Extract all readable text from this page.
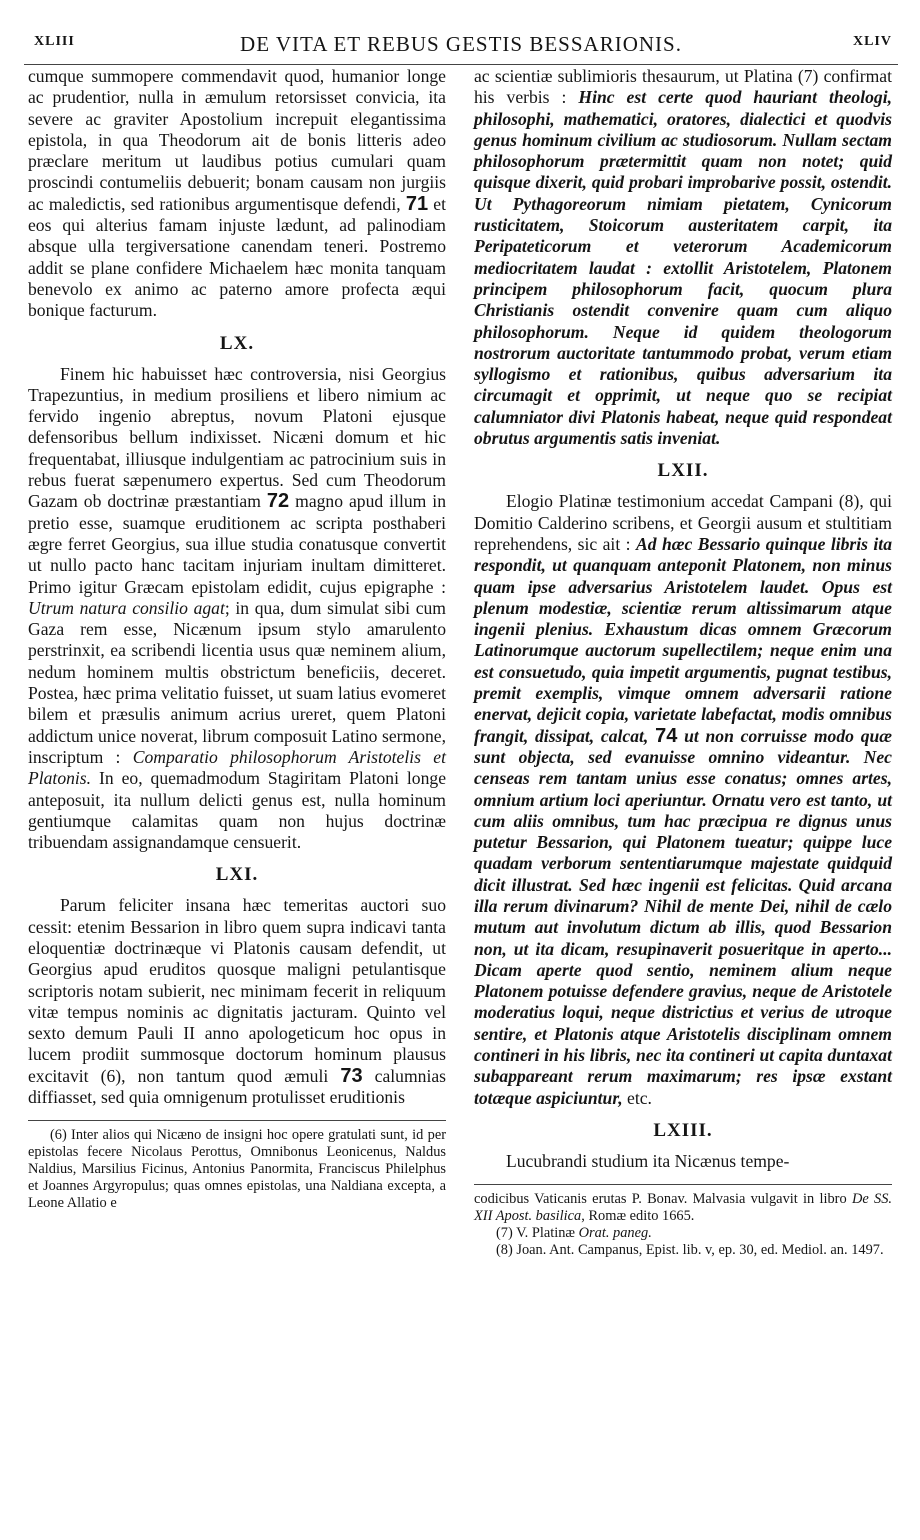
XLIII	DE VITA ET REBUS GESTIS BESSARIONIS.	XLIV

cumque summopere commendavit quod, humanior longe ac prudentior, nulla in æmulum retorsisset convicia, ita severe ac graviter Apostolium increpuit elegantissima epistola, in qua Theodorum ait de bonis litteris adeo præclare meritum ut laudibus potius cumulari quam proscindi contumeliis debuerit; bonam causam non jurgiis ac maledictis, sed rationibus argumentisque defendi, 71 et eos qui alterius famam injuste lædunt, ad palinodiam absque ulla tergiversatione canendam teneri. Postremo addit se plane confidere Michaelem hæc monita tanquam benevolo ex animo ac paterno amore profecta æqui bonique facturum.

LX.

Finem hic habuisset hæc controversia, nisi Georgius Trapezuntius, in medium prosiliens et libero nimium ac fervido ingenio abreptus, novum Platoni ejusque defensoribus bellum indixisset. Nicæni domum et hic frequentabat, illiusque indulgentiam ac patrocinium suis in rebus fuerat sæpenumero expertus. Sed cum Theodorum Gazam ob doctrinæ præstantiam 72 magno apud illum in pretio esse, suamque eruditionem ac scripta posthaberi ægre ferret Georgius, sua illue studia conatusque convertit ut nullo pacto hanc tacitam injuriam inultam dimitteret. Primo igitur Græcam epistolam edidit, cujus epigraphe : Utrum natura consilio agat; in qua, dum simulat sibi cum Gaza rem esse, Nicænum ipsum stylo amarulento perstrinxit, ea scribendi licentia usus quæ neminem alium, nedum hominem multis obstrictum beneficiis, deceret. Postea, hæc prima velitatio fuisset, ut suam latius evomeret bilem et præsulis animum acrius ureret, quem Platoni addictum unice noverat, librum composuit Latino sermone, inscriptum : Comparatio philosophorum Aristotelis et Platonis. In eo, quemadmodum Stagiritam Platoni longe anteposuit, ita nullum delicti genus est, nulla hominum gentiumque calamitas quam non hujus doctrinæ tribuendam assignandamque censuerit.

LXI.

Parum feliciter insana hæc temeritas auctori suo cessit: etenim Bessarion in libro quem supra indicavi tanta eloquentiæ doctrinæque vi Platonis causam defendit, ut Georgius apud eruditos quosque maligni petulantisque scriptoris notam subierit, nec minimam fecerit in reliquum vitæ tempus nominis ac dignitatis jacturam. Quinto vel sexto demum Pauli II anno apologeticum hoc opus in lucem prodiit summosque doctorum hominum plausus excitavit (6), non tantum quod æmuli 73 calumnias diffiasset, sed quia omnigenum protulisset eruditionis

(6) Inter alios qui Nicæno de insigni hoc opere gratulati sunt, id per epistolas fecere Nicolaus Perottus, Omnibonus Leonicenus, Naldus Naldius, Marsilius Ficinus, Antonius Panormita, Franciscus Philelphus et Joannes Argyropulus; quas omnes epistolas, una Naldiana excepta, a Leone Allatio e

ac scientiæ sublimioris thesaurum, ut Platina (7) confirmat his verbis : Hinc est certe quod hauriant theologi, philosophi, mathematici, oratores, dialectici et quodvis genus hominum civilium ac studiosorum. Nullam sectam philosophorum prætermittit quam non notet; quid quisque dixerit, quid probari improbarive possit, ostendit. Ut Pythagoreorum nimiam pietatem, Cynicorum rusticitatem, Stoicorum austeritatem carpit, ita Peripateticorum et veterorum Academicorum mediocritatem laudat : extollit Aristotelem, Platonem principem philosophorum facit, quocum plura Christianis ostendit convenire quam cum aliquo philosophorum. Neque id quidem theologorum nostrorum auctoritate tantummodo probat, verum etiam syllogismo et rationibus, quibus adversarium ita circumagit et opprimit, ut neque quo se recipiat calumniator divi Platonis habeat, neque quid respondeat obrutus argumentis satis inveniat.

LXII.

Elogio Platinæ testimonium accedat Campani (8), qui Domitio Calderino scribens, et Georgii ausum et stultitiam reprehendens, sic ait : Ad hæc Bessario quinque libris ita respondit, ut quanquam anteponit Platonem, non minus quam ipse adversarius Aristotelem laudet. Opus est plenum modestiæ, scientiæ rerum altissimarum atque ingenii plenius. Exhaustum dicas omnem Græcorum Latinorumque auctorum supellectilem; neque enim una est consuetudo, quia impetit argumentis, pugnat testibus, premit exemplis, vimque omnem adversarii ratione enervat, dejicit copia, varietate labefactat, modis omnibus frangit, dissipat, calcat, 74 ut non corruisse modo quæ sunt objecta, sed evanuisse omnino videantur. Nec censeas rem tantam unius esse conatus; omnes artes, omnium artium loci aperiuntur. Ornatu vero est tanto, ut cum aliis omnibus, tum hac præcipua re dignus unus putetur Bessarion, qui Platonem tueatur; quippe luce quadam verborum sententiarumque majestate quidquid dicit illustrat. Sed hæc ingenii est felicitas. Quid arcana illa rerum divinarum? Nihil de mente Dei, nihil de cælo mutum aut involutum dictum ab illis, quod Bessarion non, ut ita dicam, resupinaverit posueritque in aperto... Dicam aperte quod sentio, neminem alium neque Platonem potuisse defendere gravius, neque de Aristotele moderatius loqui, neque districtius et verius de utroque sentire, et Platonis atque Aristotelis disciplinam omnem contineri in his libris, nec ita contineri ut capita duntaxat subappareant rerum maximarum; res ipsæ exstant totæque aspiciuntur, etc.

LXIII.

Lucubrandi studium ita Nicænus tempe-

codicibus Vaticanis erutas P. Bonav. Malvasia vulgavit in libro De SS. XII Apost. basilica, Romæ edito 1665.

(7) V. Platinæ Orat. paneg.

(8) Joan. Ant. Campanus, Epist. lib. v, ep. 30, ed. Mediol. an. 1497.
